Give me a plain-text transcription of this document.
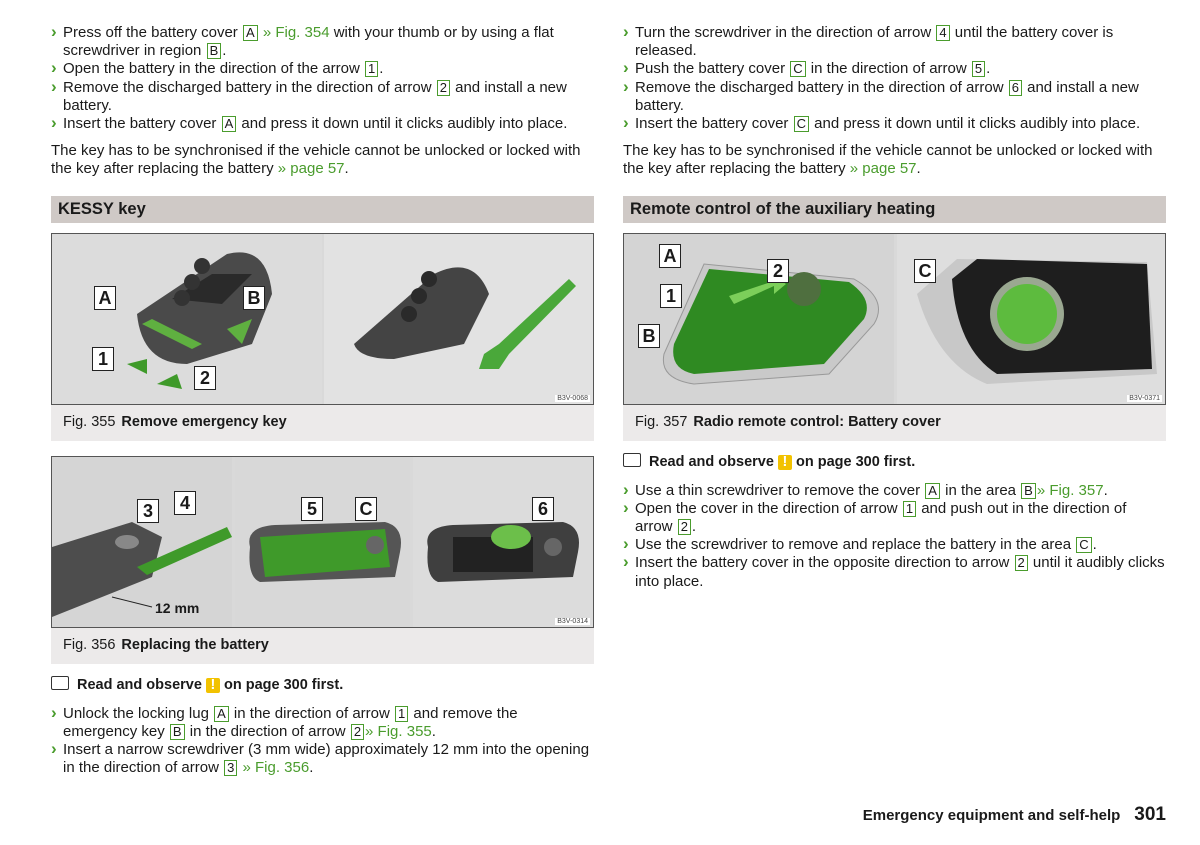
› Press off the battery cover A » Fig. 354 with your thumb or by using a flat screwdriver in region B .

› Open the battery in the direction of the arrow 1 .

› Remove the discharged battery in the direction of arrow 2 and install a new battery.

› Insert the battery cover A and press it down until it clicks audibly into place.

The key has to be synchronised if the vehicle cannot be unlocked or locked with the key after replacing the battery » page 57.

KESSY key
A	B
1
2
B3V-0068
Fig. 355 Remove emergency key
3	4	5	C	6
12 mm
B3V-0314
Fig. 356 Replacing the battery
Read and observe ! on page 300 first.

› Unlock the locking lug A in the direction of arrow 1 and remove the emergency key B in the direction of arrow 2 » Fig. 355.

› Insert a narrow screwdriver (3 mm wide) approximately 12 mm into the opening in the direction of arrow 3 » Fig. 356.

› Turn the screwdriver in the direction of arrow 4 until the battery cover is released.

› Push the battery cover C in the direction of arrow 5 .

› Remove the discharged battery in the direction of arrow 6 and install a new battery.

› Insert the battery cover C and press it down until it clicks audibly into place.

The key has to be synchronised if the vehicle cannot be unlocked or locked with the key after replacing the battery » page 57.

Remote control of the auxiliary heating
A
2
1
B
C
B3V-0371
Fig. 357 Radio remote control: Battery cover
Read and observe ! on page 300 first.

› Use a thin screwdriver to remove the cover A in the area B » Fig. 357.

› Open the cover in the direction of arrow 1 and push out in the direction of arrow 2 .

› Use the screwdriver to remove and replace the battery in the area C .

› Insert the battery cover in the opposite direction to arrow 2 until it audibly clicks into place.

Emergency equipment and self-help 301
